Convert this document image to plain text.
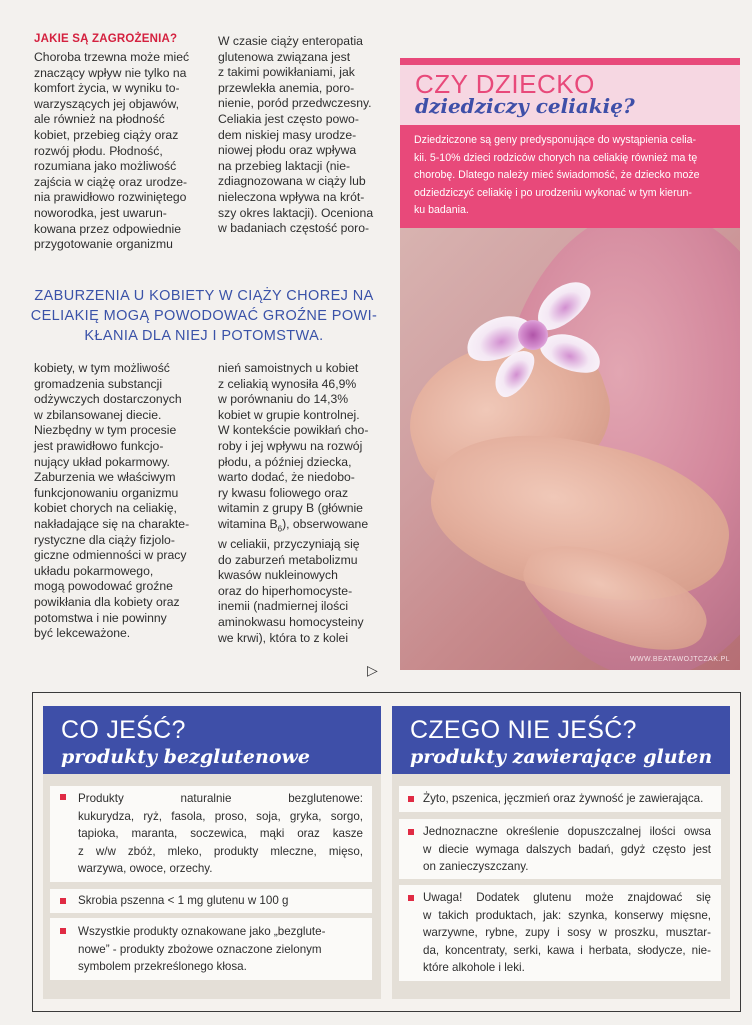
JAKIE SĄ ZAGROŻENIA?
Choroba trzewna może mieć
znaczący wpływ nie tylko na
komfort życia, w wyniku to-
warzyszących jej objawów,
ale również na płodność
kobiet, przebieg ciąży oraz
rozwój płodu. Płodność,
rozumiana jako możliwość
zajścia w ciążę oraz urodze-
nia prawidłowo rozwiniętego
noworodka, jest uwarun-
kowana przez odpowiednie
przygotowanie organizmu
W czasie ciąży enteropatia
glutenowa związana jest
z takimi powikłaniami, jak
przewlekła anemia, poro-
nienie, poród przedwczesny.
Celiakia jest często powo-
dem niskiej masy urodze-
niowej płodu oraz wpływa
na przebieg laktacji (nie-
zdiagnozowana w ciąży lub
nieleczona wpływa na krót-
szy okres laktacji). Oceniona
w badaniach częstość poro-
ZABURZENIA U KOBIETY W CIĄŻY CHOREJ NA
CELIAKIĘ MOGĄ POWODOWAĆ GROŹNE POWI-
KŁANIA DLA NIEJ I POTOMSTWA.
kobiety, w tym możliwość
gromadzenia substancji
odżywczych dostarczonych
w zbilansowanej diecie.
Niezbędny w tym procesie
jest prawidłowo funkcjo-
nujący układ pokarmowy.
Zaburzenia we właściwym
funkcjonowaniu organizmu
kobiet chorych na celiakię,
nakładające się na charakte-
rystyczne dla ciąży fizjolo-
giczne odmienności w pracy
układu pokarmowego,
mogą powodować groźne
powikłania dla kobiety oraz
potomstwa i nie powinny
być lekceważone.
nień samoistnych u kobiet
z celiakią wynosiła 46,9%
w porównaniu do 14,3%
kobiet w grupie kontrolnej.
W kontekście powikłań cho-
roby i jej wpływu na rozwój
płodu, a później dziecka,
warto dodać, że niedobo-
ry kwasu foliowego oraz
witamin z grupy B (głównie
witamina $B_6$), obserwowane
w celiakii, przyczyniają się
do zaburzeń metabolizmu
kwasów nukleinowych
oraz do hiperhomocyste-
inemii (nadmiernej ilości
aminokwasu homocysteiny
we krwi), która to z kolei
▷
CZY DZIECKO
dziedziczy celiakię?
Dziedziczone są geny predysponujące do wystąpienia celia-
kii. 5-10% dzieci rodziców chorych na celiakię również ma tę
chorobę. Dlatego należy mieć świadomość, że dziecko może
odziedziczyć celiakię i po urodzeniu wykonać w tym kierun-
ku badania.
WWW.BEATAWOJTCZAK.PL
CO JEŚĆ?
produkty bezglutenowe
Produkty naturalnie bezglutenowe:
kukurydza, ryż, fasola, proso, soja, gryka, sorgo,
tapioka, maranta, soczewica, mąki oraz kasze
z w/w zbóż, mleko, produkty mleczne, mięso,
warzywa, owoce, orzechy.
Skrobia pszenna < 1 mg glutenu w 100 g
Wszystkie produkty oznakowane jako „bezglute-
nowe” - produkty zbożowe oznaczone zielonym
symbolem przekreślonego kłosa.
CZEGO NIE JEŚĆ?
produkty zawierające gluten
Żyto, pszenica, jęczmień oraz żywność je zawierająca.
Jednoznaczne określenie dopuszczalnej ilości owsa
w diecie wymaga dalszych badań, gdyż często jest
on zanieczyszczany.
Uwaga! Dodatek glutenu może znajdować się
w takich produktach, jak: szynka, konserwy mięsne,
warzywne, rybne, zupy i sosy w proszku, musztar-
da, koncentraty, serki, kawa i herbata, słodycze, nie-
które alkohole i leki.
